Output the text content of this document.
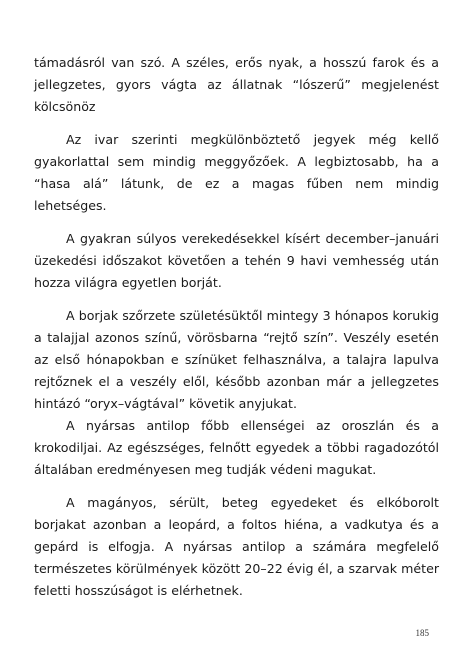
támadásról van szó. A széles, erős nyak, a hosszú farok és a jellegzetes, gyors vágta az állatnak “lószerű” megjelenést kölcsönöz

Az ivar szerinti megkülönböztető jegyek még kellő gyakorlattal sem mindig meggyőzőek. A legbiztosabb, ha a “hasa alá” látunk, de ez a magas fűben nem mindig lehetséges.

A gyakran súlyos verekedésekkel kísért december–januári üzekedési időszakot követően a tehén 9 havi vemhesség után hozza világra egyetlen borját.

A borjak szőrzete születésüktől mintegy 3 hónapos korukig a talajjal azonos színű, vörösbarna “rejtő szín”. Veszély esetén az első hónapokban e színüket felhasználva, a talajra lapulva rejtőznek el a veszély elől, később azonban már a jellegzetes hintázó “oryx–vágtával” követik anyjukat.

A nyársas antilop főbb ellenségei az oroszlán és a krokodiljai. Az egészséges, felnőtt egyedek a többi ragadozótól általában eredményesen meg tudják védeni magukat.

A magányos, sérült, beteg egyedeket és elkóborolt borjakat azonban a leopárd, a foltos hiéna, a vadkutya és a gepárd is elfogja. A nyársas antilop a számára megfelelő természetes körülmények között 20–22 évig él, a szarvak méter feletti hosszúságot is elérhetnek.

185
